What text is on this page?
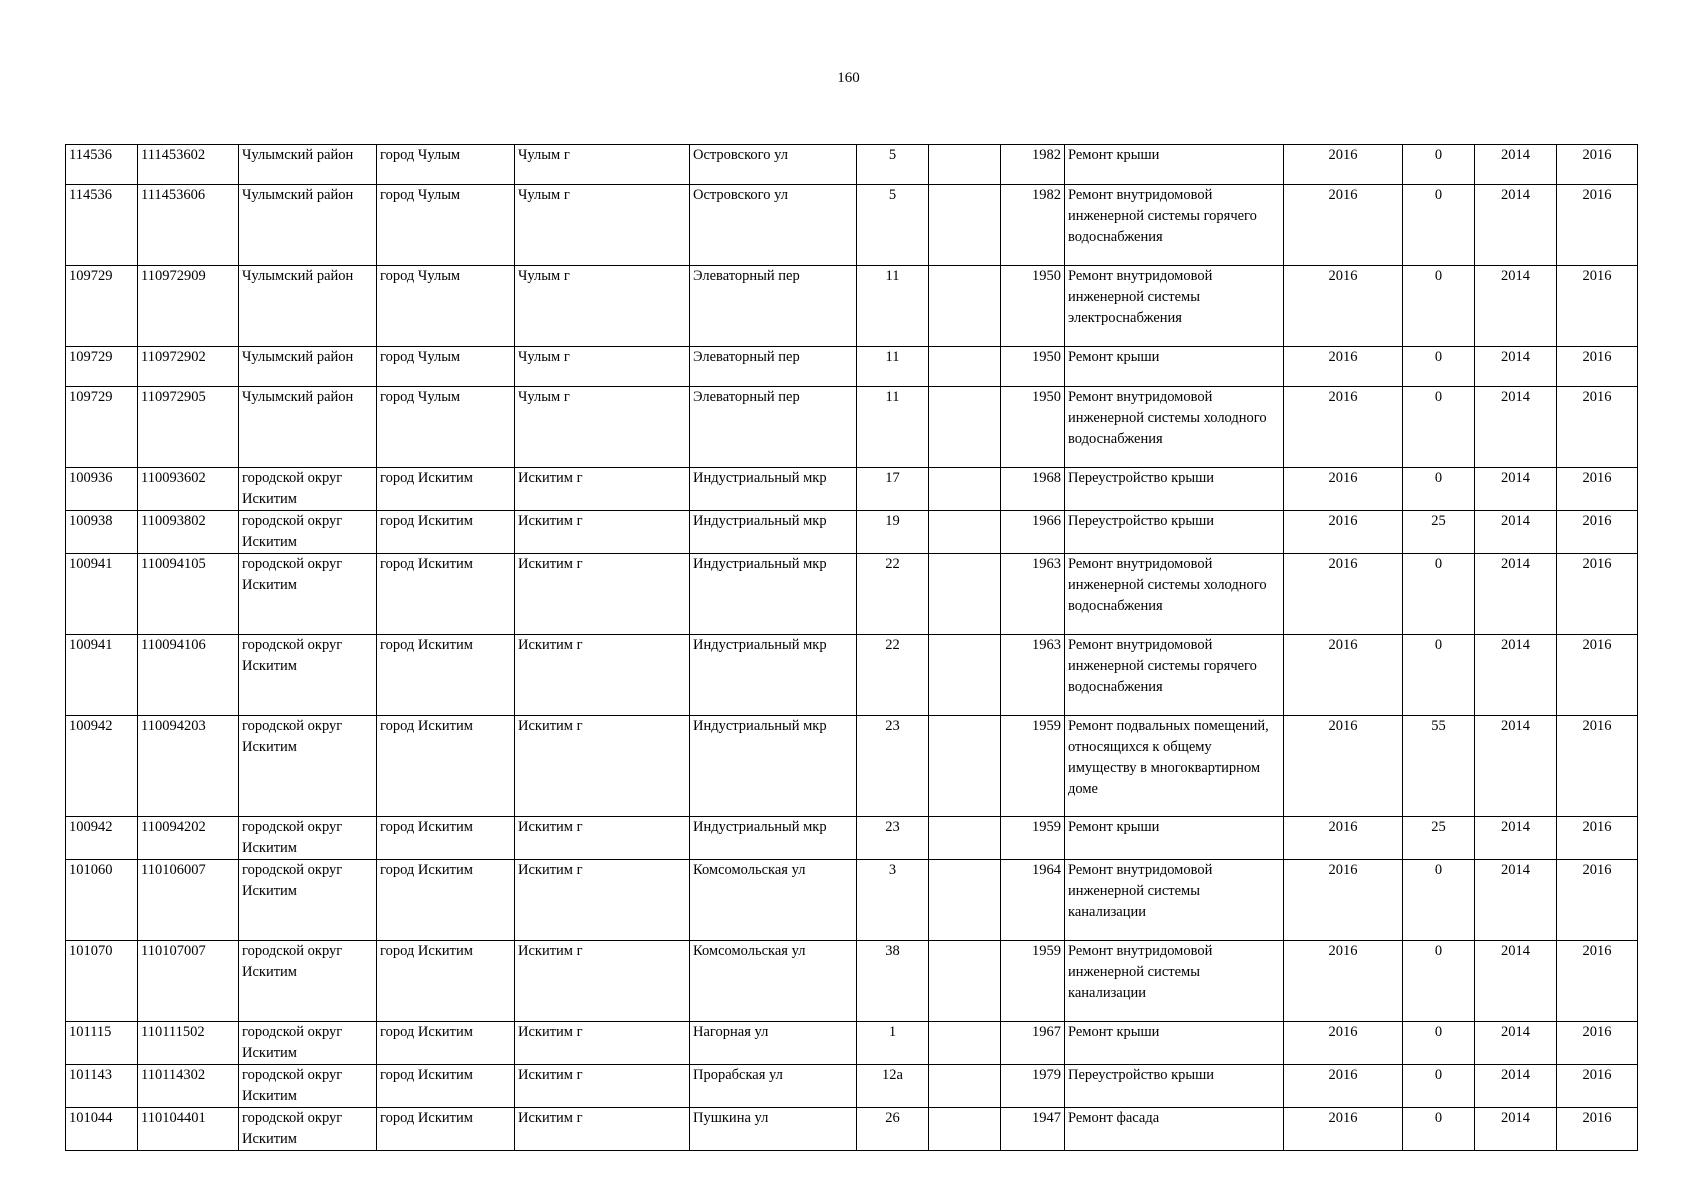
160
114536	111453602	Чулымский район	город Чулым	Чулым г	Островского ул	5		1982	Ремонт крыши	2016	0	2014	2016
114536	111453606	Чулымский район	город Чулым	Чулым г	Островского ул	5		1982	Ремонт внутридомовой инженерной системы горячего водоснабжения	2016	0	2014	2016
109729	110972909	Чулымский район	город Чулым	Чулым г	Элеваторный пер	11		1950	Ремонт внутридомовой инженерной системы электроснабжения	2016	0	2014	2016
109729	110972902	Чулымский район	город Чулым	Чулым г	Элеваторный пер	11		1950	Ремонт крыши	2016	0	2014	2016
109729	110972905	Чулымский район	город Чулым	Чулым г	Элеваторный пер	11		1950	Ремонт внутридомовой инженерной системы холодного водоснабжения	2016	0	2014	2016
100936	110093602	городской округ Искитим	город Искитим	Искитим г	Индустриальный мкр	17		1968	Переустройство крыши	2016	0	2014	2016
100938	110093802	городской округ Искитим	город Искитим	Искитим г	Индустриальный мкр	19		1966	Переустройство крыши	2016	25	2014	2016
100941	110094105	городской округ Искитим	город Искитим	Искитим г	Индустриальный мкр	22		1963	Ремонт внутридомовой инженерной системы холодного водоснабжения	2016	0	2014	2016
100941	110094106	городской округ Искитим	город Искитим	Искитим г	Индустриальный мкр	22		1963	Ремонт внутридомовой инженерной системы горячего водоснабжения	2016	0	2014	2016
100942	110094203	городской округ Искитим	город Искитим	Искитим г	Индустриальный мкр	23		1959	Ремонт подвальных помещений, относящихся к общему имуществу в многоквартирном доме	2016	55	2014	2016
100942	110094202	городской округ Искитим	город Искитим	Искитим г	Индустриальный мкр	23		1959	Ремонт крыши	2016	25	2014	2016
101060	110106007	городской округ Искитим	город Искитим	Искитим г	Комсомольская ул	3		1964	Ремонт внутридомовой инженерной системы канализации	2016	0	2014	2016
101070	110107007	городской округ Искитим	город Искитим	Искитим г	Комсомольская ул	38		1959	Ремонт внутридомовой инженерной системы канализации	2016	0	2014	2016
101115	110111502	городской округ Искитим	город Искитим	Искитим г	Нагорная ул	1		1967	Ремонт крыши	2016	0	2014	2016
101143	110114302	городской округ Искитим	город Искитим	Искитим г	Прорабская ул	12а		1979	Переустройство крыши	2016	0	2014	2016
101044	110104401	городской округ Искитим	город Искитим	Искитим г	Пушкина ул	26		1947	Ремонт фасада	2016	0	2014	2016
